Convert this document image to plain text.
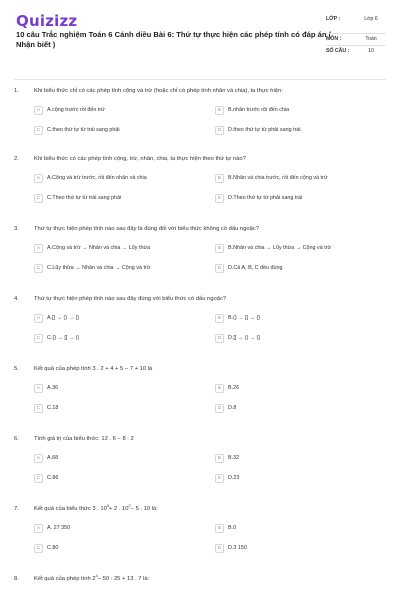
Quizizz
10 câu Trắc nghiệm Toán 6 Cánh diều Bài 6: Thứ tự thực hiện các phép tính có đáp án ( Nhận biết )
LỚP :	Lớp 6
MÔN :	Toán
SỐ CÂU :	10
1.	Khi biểu thức chỉ có các phép tính cộng và trừ (hoặc chỉ có phép tính nhân và chia), ta thực hiện:
A	A.cộng trước rồi đến trừ	B	B.nhân trước rồi đến chia
C	C.theo thứ tự từ trái sang phải	D	D.theo thứ tự từ phải sang trái
2.	Khi biểu thức có các phép tính cộng, trừ, nhân, chia, ta thực hiện theo thứ tự nào?
A	A.Cộng và trừ trước, rồi đến nhân và chia	B	B.Nhân và chia trước, rồi đến cộng và trừ
C	C.Theo thứ tự từ trái sang phải	D	D.Theo thứ tự từ phải sang trái
3.	Thứ tự thực hiện phép tính nào sau đây là đúng đối với biểu thức không có dấu ngoặc?
A	A.Cộng và trừ → Nhân và chia → Lũy thừa	B	B.Nhân và chia → Lũy thừa → Cộng và trừ
C	C.Lũy thừa → Nhân và chia → Cộng và trừ	D	D.Cả A, B, C đều đúng
4.	Thứ tự thực hiện phép tính nào sau đây đúng với biểu thức có dấu ngoặc?
A	A.[] → () → {}	B	B.() → [] → {}
C	C.{} → [] → ()	D	D.[] → () → {}
5.	Kết quả của phép tính 3 . 2 + 4 + 5 − 7 + 10 là
A	A.36	B	B.26
C	C.18	D	D.8
6.	Tính giá trị của biểu thức: 12 . 6 − 8 : 2
A	A.68	B	B.32
C	C.86	D	D.23
7.	Kết quả của biểu thức 3 . $10^3+ 2$ . $10^2- 5$ . 10 là:
A	A. 27 350	B	B.0
C	C.80	D	D.3 150
8.	Kết quả của phép tính $2^4- 50$ : 25 + 13 . 7 là:
